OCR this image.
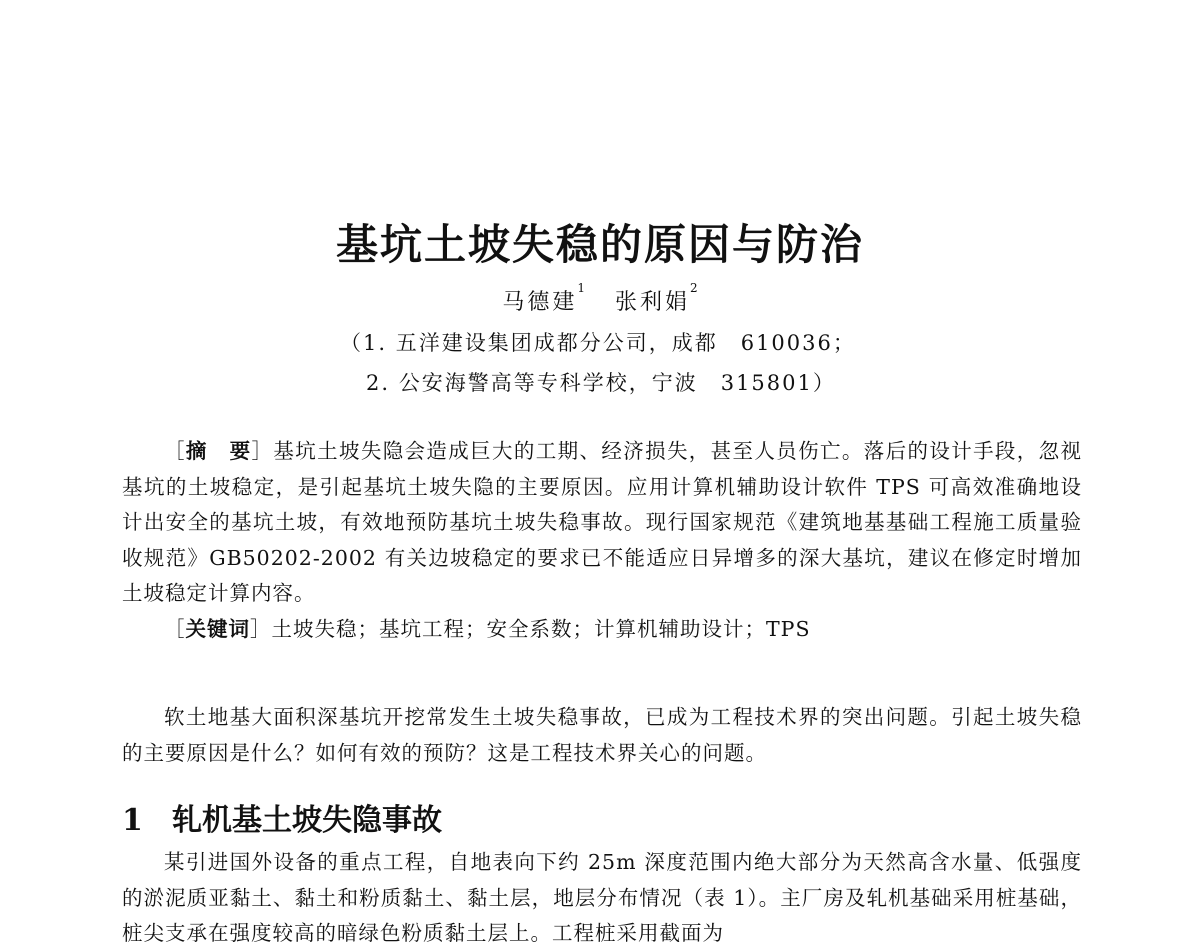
基坑土坡失稳的原因与防治
马德建$^1$   张利娟$^2$
（1. 五洋建设集团成都分公司，成都　610036；
2. 公安海警高等专科学校，宁波　315801）

［摘　要］基坑土坡失隐会造成巨大的工期、经济损失，甚至人员伤亡。落后的设计手段，忽视基坑的土坡稳定，是引起基坑土坡失隐的主要原因。应用计算机辅助设计软件 TPS 可高效准确地设计出安全的基坑土坡，有效地预防基坑土坡失稳事故。现行国家规范《建筑地基基础工程施工质量验收规范》GB50202-2002 有关边坡稳定的要求已不能适应日异增多的深大基坑，建议在修定时增加土坡稳定计算内容。

［关键词］土坡失稳；基坑工程；安全系数；计算机辅助设计；TPS

软土地基大面积深基坑开挖常发生土坡失稳事故，已成为工程技术界的突出问题。引起土坡失稳的主要原因是什么？如何有效的预防？这是工程技术界关心的问题。

1 轧机基土坡失隐事故

某引进国外设备的重点工程，自地表向下约 25m 深度范围内绝大部分为天然高含水量、低强度的淤泥质亚黏土、黏土和粉质黏土、黏土层，地层分布情况（表 1）。主厂房及轧机基础采用桩基础，桩尖支承在强度较高的暗绿色粉质黏土层上。工程桩采用截面为
